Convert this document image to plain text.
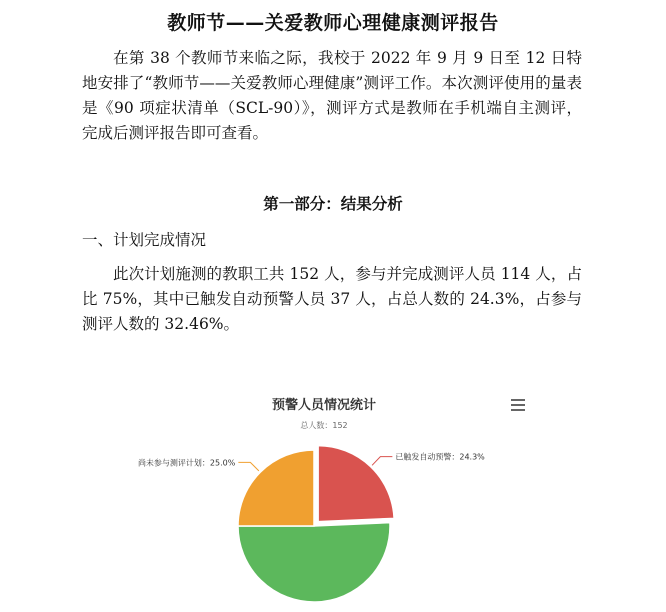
教师节——关爱教师心理健康测评报告
在第 38 个教师节来临之际，我校于 2022 年 9 月 9 日至 12 日特地安排了“教师节——关爱教师心理健康”测评工作。本次测评使用的量表是《90 项症状清单（SCL-90）》，测评方式是教师在手机端自主测评，完成后测评报告即可查看。
第一部分：结果分析
一、计划完成情况
此次计划施测的教职工共 152 人，参与并完成测评人员 114 人，占比 75%，其中已触发自动预警人员 37 人，占总人数的 24.3%，占参与测评人数的 32.46%。
已触发自动预警：24.3%
尚未参与测评计划：25.0%
预警人员情况统计
总人数：152
